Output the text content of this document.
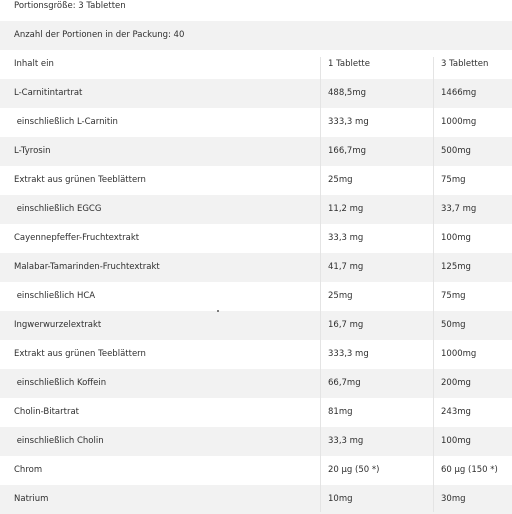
Portionsgröße: 3 Tabletten
Anzahl der Portionen in der Packung: 40
Inhalt ein	1 Tablette	3 Tabletten
L-Carnitintartrat	488,5mg	1466mg
einschließlich L-Carnitin	333,3 mg	1000mg
L-Tyrosin	166,7mg	500mg
Extrakt aus grünen Teeblättern	25mg	75mg
einschließlich EGCG	11,2 mg	33,7 mg
Cayennepfeffer-Fruchtextrakt	33,3 mg	100mg
Malabar-Tamarinden-Fruchtextrakt	41,7 mg	125mg
einschließlich HCA	25mg	75mg
Ingwerwurzelextrakt	16,7 mg	50mg
Extrakt aus grünen Teeblättern	333,3 mg	1000mg
einschließlich Koffein	66,7mg	200mg
Cholin-Bitartrat	81mg	243mg
einschließlich Cholin	33,3 mg	100mg
Chrom	20 µg (50 *)	60 µg (150 *)
Natrium	10mg	30mg
